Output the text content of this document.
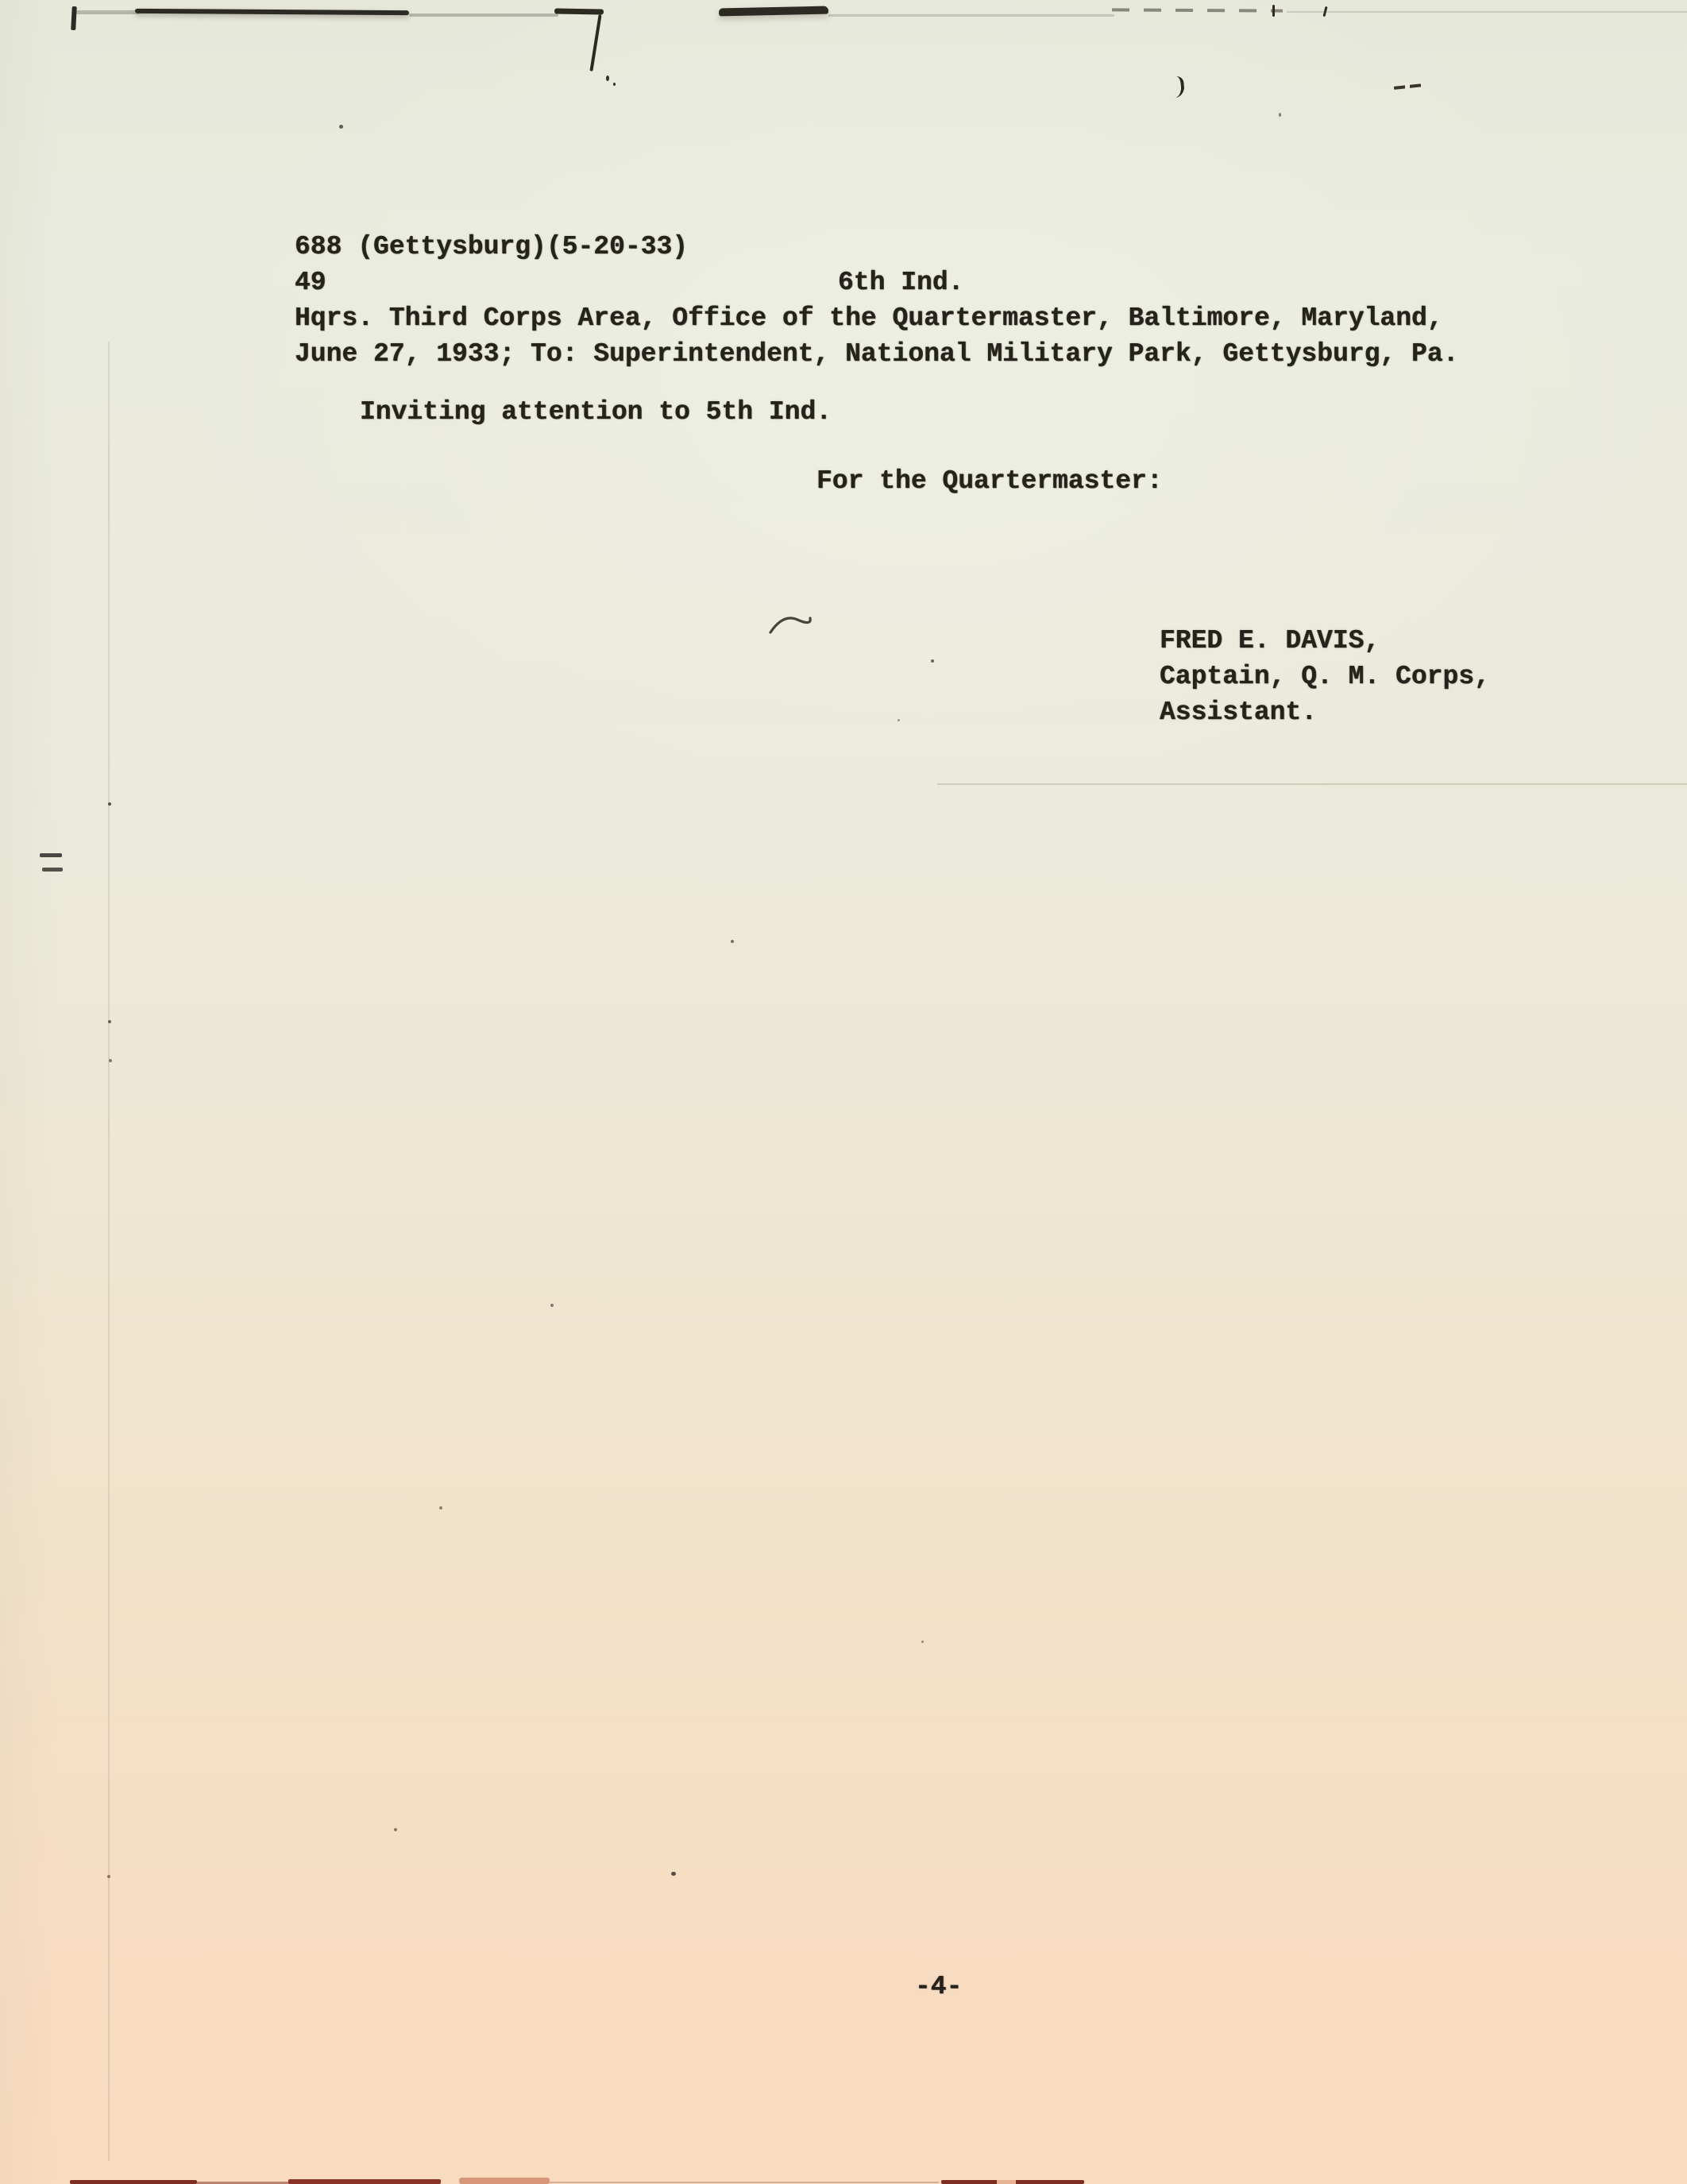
688 (Gettysburg)(5-20-33)
49	6th Ind.
Hqrs. Third Corps Area, Office of the Quartermaster, Baltimore, Maryland,
June 27, 1933; To: Superintendent, National Military Park, Gettysburg, Pa.
Inviting attention to 5th Ind.
For the Quartermaster:
FRED E. DAVIS,
Captain, Q. M. Corps,
Assistant.
-4-
